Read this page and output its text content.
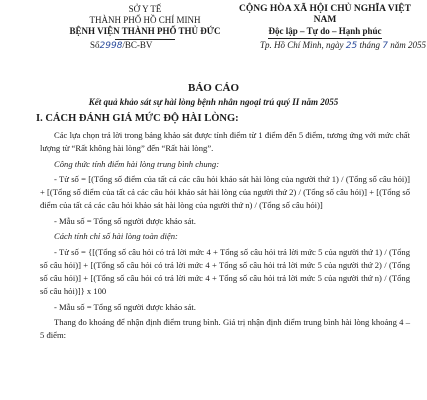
SỞ Y TẾ
THÀNH PHỐ HỒ CHÍ MINH
BỆNH VIỆN THÀNH PHỐ THỦ ĐỨC
CỘNG HÒA XÃ HỘI CHỦ NGHĨA VIỆT NAM
Độc lập – Tự do – Hạnh phúc
Số2998/BC-BV	Tp. Hồ Chí Minh, ngày 25 tháng 7 năm 2055
BÁO CÁO
Kết quả khảo sát sự hài lòng bệnh nhân ngoại trú quý II năm 2055
I. CÁCH ĐÁNH GIÁ MỨC ĐỘ HÀI LÒNG:

Các lựa chọn trả lời trong bảng khảo sát được tính điểm từ 1 điểm đến 5 điểm, tương ứng với mức chất lượng từ “Rất không hài lòng” đến “Rất hài lòng”.

Công thức tính điểm hài lòng trung bình chung:

- Tử số = [(Tổng số điểm của tất cả các câu hỏi khảo sát hài lòng của người thứ 1) / (Tổng số câu hỏi)] + [(Tổng số điểm của tất cả các câu hỏi khảo sát hài lòng của người thứ 2) / (Tổng số câu hỏi)] + [(Tổng số điểm của tất cả các câu hỏi khảo sát hài lòng của người thứ n) / (Tổng số câu hỏi)]

- Mẫu số = Tổng số người được khảo sát.

Cách tính chỉ số hài lòng toàn diện:

- Tử số = {[(Tổng số câu hỏi có trả lời mức 4 + Tổng số câu hỏi trả lời mức 5 của người thứ 1) / (Tổng số câu hỏi)] + [(Tổng số câu hỏi có trả lời mức 4 + Tổng số câu hỏi trả lời mức 5 của người thứ 2) / (Tổng số câu hỏi)] + [(Tổng số câu hỏi có trả lời mức 4 + Tổng số câu hỏi trả lời mức 5 của người thứ n) / (Tổng số câu hỏi)]} x 100

- Mẫu số = Tổng số người được khảo sát.

Thang đo khoảng để nhận định điểm trung bình. Giá trị nhận định điểm trung bình hài lòng khoảng 4 – 5 điểm:
